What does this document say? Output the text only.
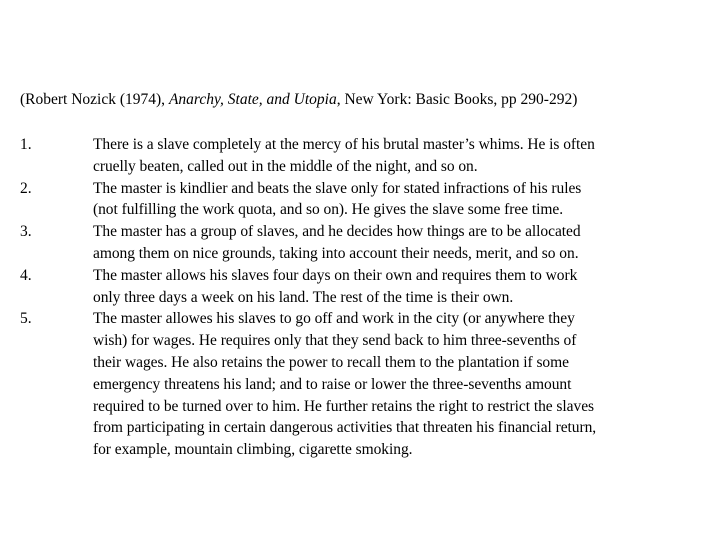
(Robert Nozick (1974), Anarchy, State, and Utopia, New York: Basic Books, pp 290-292)
1.	There is a slave completely at the mercy of his brutal master’s whims. He is often
cruelly beaten, called out in the middle of the night, and so on.
2.	The master is kindlier and beats the slave only for stated infractions of his rules
(not fulfilling the work quota, and so on). He gives the slave some free time.
3.	The master has a group of slaves, and he decides how things are to be allocated
among them on nice grounds, taking into account their needs, merit, and so on.
4.	The master allows his slaves four days on their own and requires them to work
only three days a week on his land. The rest of the time is their own.
5.	The master allowes his slaves to go off and work in the city (or anywhere they
wish) for wages. He requires only that they send back to him three-sevenths of
their wages. He also retains the power to recall them to the plantation if some
emergency threatens his land; and to raise or lower the three-sevenths amount
required to be turned over to him. He further retains the right to restrict the slaves
from participating in certain dangerous activities that threaten his financial return,
for example, mountain climbing, cigarette smoking.
